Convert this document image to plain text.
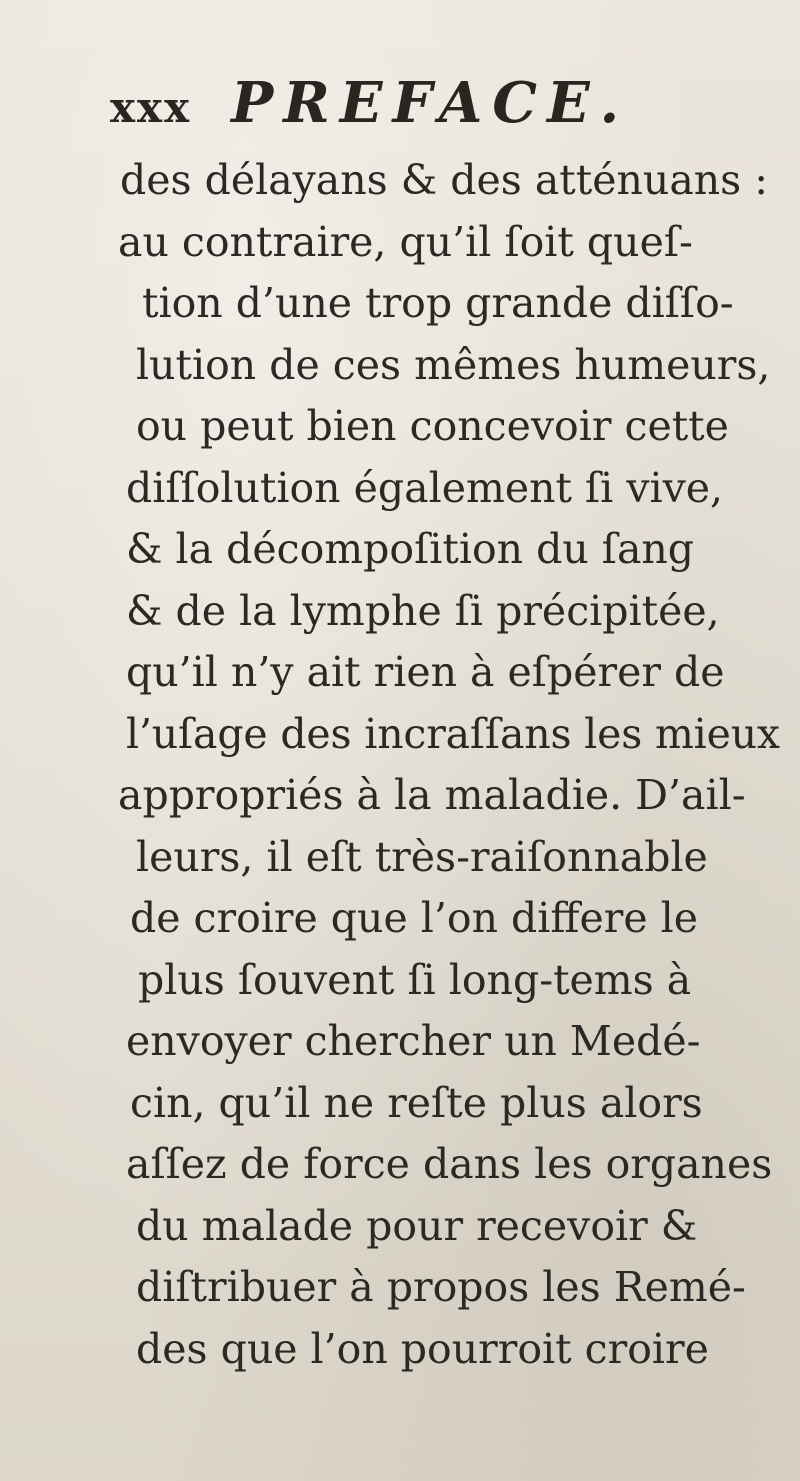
xxx PREFACE.
des délayans & des atténuans :
au contraire, qu’il ſoit queſ-
tion d’une trop grande diſſo-
lution de ces mêmes humeurs,
ou peut bien concevoir cette
diſſolution également ſi vive,
& la décompoſition du ſang
& de la lymphe ſi précipitée,
qu’il n’y ait rien à eſpérer de
l’uſage des incraſſans les mieux
appropriés à la maladie. D’ail-
leurs, il eſt très-raiſonnable
de croire que l’on differe le
plus ſouvent ſi long-tems à
envoyer chercher un Medé-
cin, qu’il ne reſte plus alors
aſſez de force dans les organes
du malade pour recevoir &
diſtribuer à propos les Remé-
des que l’on pourroit croire
